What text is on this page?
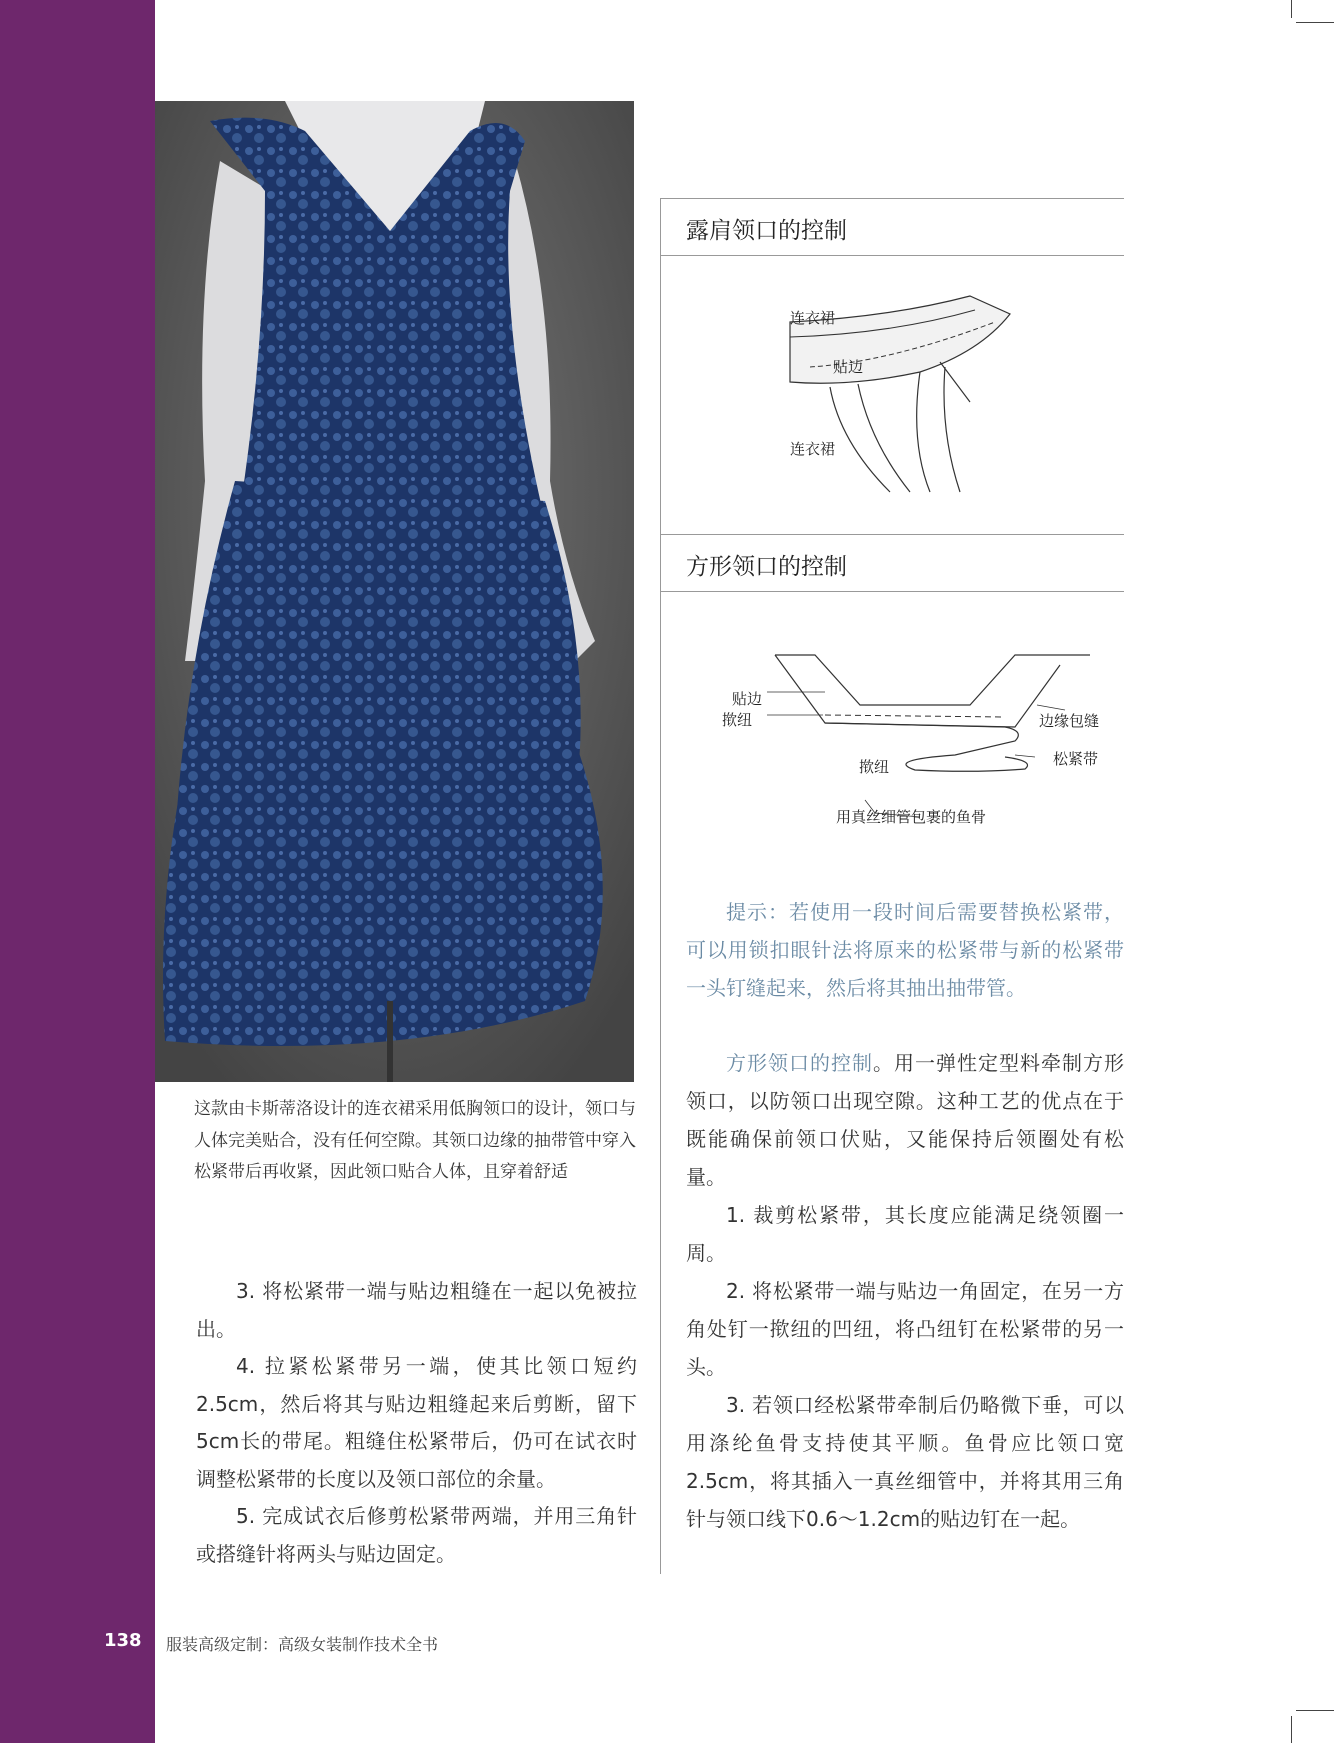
138 服装高级定制：高级女装制作技术全书

这款由卡斯蒂洛设计的连衣裙采用低胸领口的设计，领口与人体完美贴合，没有任何空隙。其领口边缘的抽带管中穿入松紧带后再收紧，因此领口贴合人体，且穿着舒适

3. 将松紧带一端与贴边粗缝在一起以免被拉出。

4. 拉紧松紧带另一端，使其比领口短约2.5cm，然后将其与贴边粗缝起来后剪断，留下5cm长的带尾。粗缝住松紧带后，仍可在试衣时调整松紧带的长度以及领口部位的余量。

5. 完成试衣后修剪松紧带两端，并用三角针或搭缝针将两头与贴边固定。

露肩领口的控制
连衣裙
贴边
连衣裙
方形领口的控制
贴边
揿纽	边缘包缝
松紧带
揿纽
用真丝细管包裹的鱼骨

提示：若使用一段时间后需要替换松紧带，可以用锁扣眼针法将原来的松紧带与新的松紧带一头钉缝起来，然后将其抽出抽带管。

方形领口的控制。用一弹性定型料牵制方形领口，以防领口出现空隙。这种工艺的优点在于既能确保前领口伏贴，又能保持后领圈处有松量。

1. 裁剪松紧带，其长度应能满足绕领圈一周。

2. 将松紧带一端与贴边一角固定，在另一方角处钉一揿纽的凹纽，将凸纽钉在松紧带的另一头。

3. 若领口经松紧带牵制后仍略微下垂，可以用涤纶鱼骨支持使其平顺。鱼骨应比领口宽2.5cm，将其插入一真丝细管中，并将其用三角针与领口线下0.6～1.2cm的贴边钉在一起。
